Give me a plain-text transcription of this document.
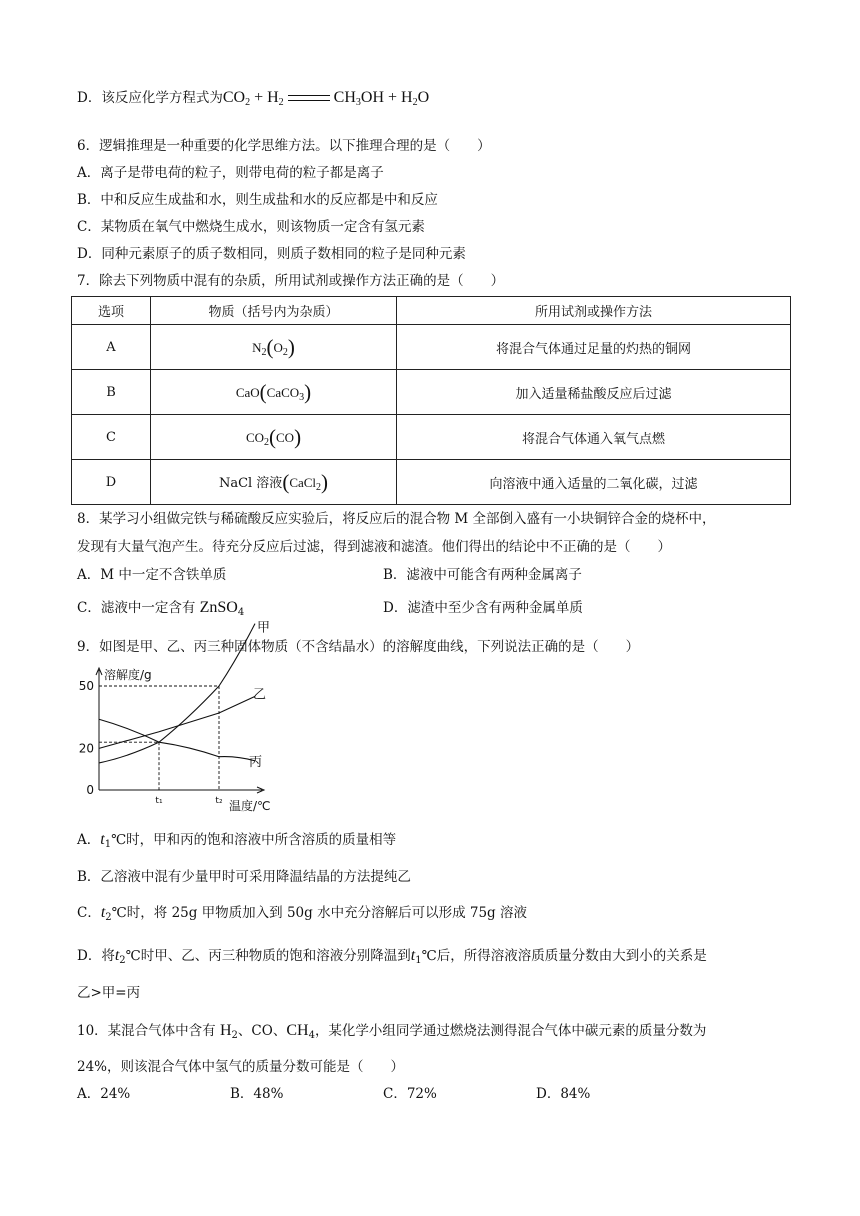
D．该反应化学方程式为$CO_2 + H_2$	$CH_3OH + H_2O$
6．逻辑推理是一种重要的化学思维方法。以下推理合理的是（　　）
A．离子是带电荷的粒子，则带电荷的粒子都是离子
B．中和反应生成盐和水，则生成盐和水的反应都是中和反应
C．某物质在氧气中燃烧生成水，则该物质一定含有氢元素
D．同种元素原子的质子数相同，则质子数相同的粒子是同种元素
7．除去下列物质中混有的杂质，所用试剂或操作方法正确的是（　　）
选项	物质（括号内为杂质）	所用试剂或操作方法
A	$N_2(O_2)$	将混合气体通过足量的灼热的铜网
B	CaO(CaCO$_3$)	加入适量稀盐酸反应后过滤
C	$CO_2(CO)$	将混合气体通入氧气点燃
D	NaCl 溶液(CaCl$_2$)	向溶液中通入适量的二氧化碳，过滤
8．某学习小组做完铁与稀硫酸反应实验后，将反应后的混合物 M 全部倒入盛有一小块铜锌合金的烧杯中，
发现有大量气泡产生。待充分反应后过滤，得到滤液和滤渣。他们得出的结论中不正确的是（　　）
A．M 中一定不含铁单质	B．滤液中可能含有两种金属离子
C．滤液中一定含有 ZnSO$_4$	D．滤渣中至少含有两种金属单质
9．如图是甲、乙、丙三种固体物质（不含结晶水）的溶解度曲线，下列说法正确的是（　　）
溶解度/g
温度/℃
0
20
50
t₁	t₂
甲
乙
丙
A．$t_1℃$时，甲和丙的饱和溶液中所含溶质的质量相等
B．乙溶液中混有少量甲时可采用降温结晶的方法提纯乙
C．$t_2℃$时，将 25g 甲物质加入到 50g 水中充分溶解后可以形成 75g 溶液
D．将$t_2℃$时甲、乙、丙三种物质的饱和溶液分别降温到$t_1℃$后，所得溶液溶质质量分数由大到小的关系是
乙>甲=丙
10．某混合气体中含有 $H_2$、CO、$CH_4$，某化学小组同学通过燃烧法测得混合气体中碳元素的质量分数为
24%，则该混合气体中氢气的质量分数可能是（　　）
A．24%	B．48%	C．72%	D．84%
